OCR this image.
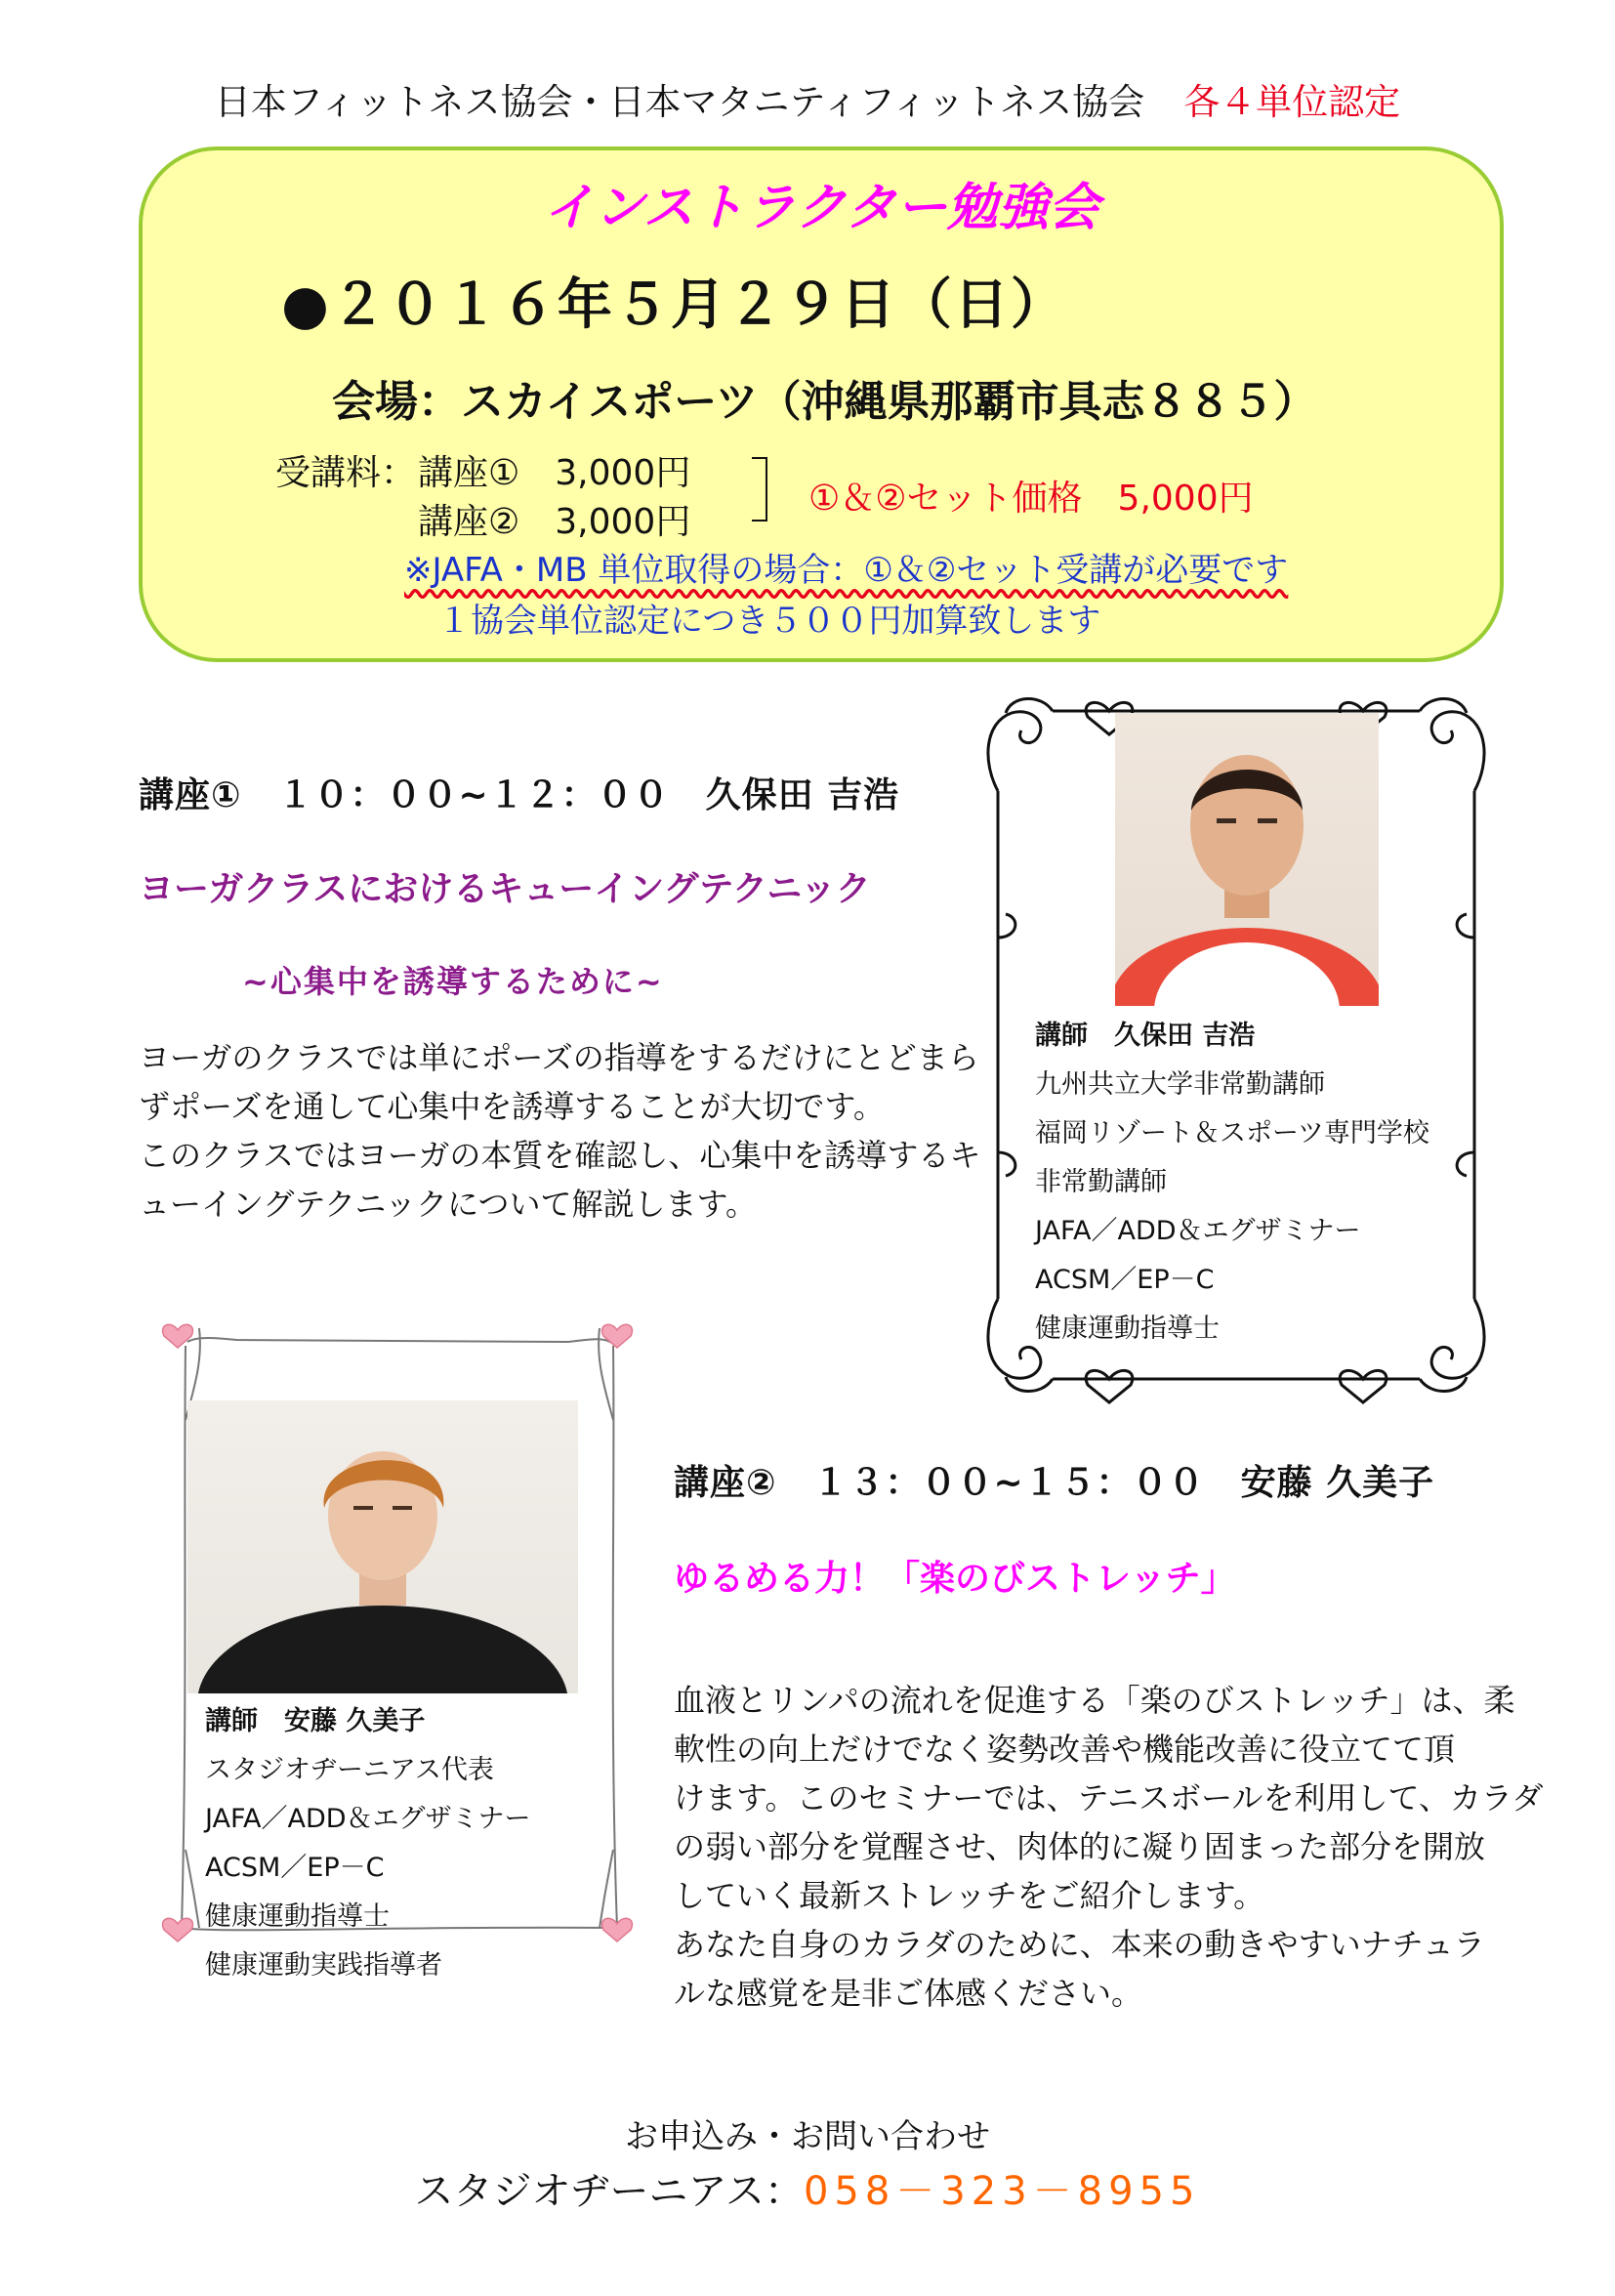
日本フィットネス協会・日本マタニティフィットネス協会 各４単位認定
インストラクター勉強会
●２０１６年５月２９日（日）
会場：スカイスポーツ（沖縄県那覇市具志８８５）
受講料： 講座①　3,000円
講座②　3,000円
①＆②セット価格　5,000円
※JAFA・MB 単位取得の場合：①＆②セット受講が必要です
１協会単位認定につき５００円加算致します
講座①　１０：００~１２：００　久保田 吉浩
ヨーガクラスにおけるキューイングテクニック
~心集中を誘導するために~
ヨーガのクラスでは単にポーズの指導をするだけにとどまら
ずポーズを通して心集中を誘導することが大切です。
このクラスではヨーガの本質を確認し、心集中を誘導するキ
ューイングテクニックについて解説します。
講師　久保田 吉浩
九州共立大学非常勤講師
福岡リゾート＆スポーツ専門学校
非常勤講師
JAFA／ADD＆エグザミナー
ACSM／EP－C
健康運動指導士
講師　安藤 久美子
スタジオヂーニアス代表
JAFA／ADD＆エグザミナー
ACSM／EP－C
健康運動指導士
健康運動実践指導者
講座②　１３：００~１５：００　安藤 久美子
ゆるめる力！「楽のびストレッチ」
血液とリンパの流れを促進する「楽のびストレッチ」は、柔
軟性の向上だけでなく姿勢改善や機能改善に役立てて頂
けます。このセミナーでは、テニスボールを利用して、カラダ
の弱い部分を覚醒させ、肉体的に凝り固まった部分を開放
していく最新ストレッチをご紹介します。
あなた自身のカラダのために、本来の動きやすいナチュラ
ルな感覚を是非ご体感ください。
お申込み・お問い合わせ
スタジオヂーニアス：058－323－8955
